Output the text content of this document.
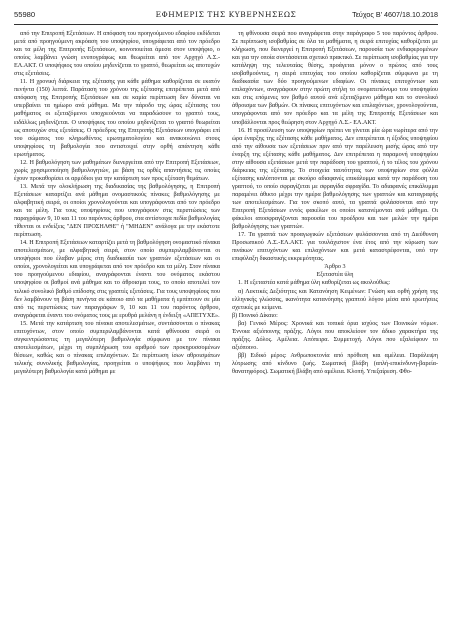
55980	ΕΦΗΜΕΡΙΣ ΤΗΣ ΚΥΒΕΡΝΗΣΕΩΣ	Τεύχος Β' 4607/18.10.2018

από την Επιτροπή Εξετάσεων. Η απόφαση του προηγούμενου εδαφίου εκδίδεται μετά από προηγούμενη ακρόαση του υποψηφίου, υπογράφεται από τον πρόεδρο και τα μέλη της Επιτροπής Εξετάσεων, κοινοποιείται άμεσα στον υποψήφιο, ο οποίος λαμβάνει γνώση ενυπογράφως και θεωρείται από τον Αρχηγό Λ.Σ.-ΕΛ.ΑΚΤ. Ο υποψήφιος του οποίου μηδενίζεται το γραπτό, θεωρείται ως αποτυχών στις εξετάσεις.

11. Η χρονική διάρκεια της εξέτασης για κάθε μάθημα καθορίζεται σε εκατόν πενήντα (150) λεπτά. Παράταση του χρόνου της εξέτασης επιτρέπεται μετά από απόφαση της Επιτροπής Εξετάσεων και σε καμία περίπτωση δεν δύναται να υπερβαίνει τα ημίωρο ανά μάθημα. Με την πάροδο της ώρας εξέτασης του μαθήματος οι εξεταζόμενοι υποχρεούνται να παραδώσουν το γραπτό τους, ειδάλλως μηδενίζεται. Ο υποψήφιος του οποίου μηδενίζεται το γραπτό θεωρείται ως αποτυχών στις εξετάσεις. Ο πρόεδρος της Επιτροπής Εξετάσεων υπογράφει επί του σώματος του κληρωθέντος ερωτηματολογίου και ανακοινώνει στους υποψηφίους τη βαθμολογία που αντιστοιχεί στην ορθή απάντηση κάθε ερωτήματος.

12. Η βαθμολόγηση των μαθημάτων διενεργείται από την Επιτροπή Εξετάσεων, χωρίς χρησιμοποίηση βαθμολογητών, με βάση τις ορθές απαντήσεις τις οποίες έχουν προκαθορίσει οι αρμόδιοι για την κατάρτιση των προς εξέταση θεμάτων.

13. Μετά την ολοκλήρωση της διαδικασίας της βαθμολόγησης, η Επιτροπή Εξετάσεων καταρτίζει ανά μάθημα ονομαστικούς πίνακες βαθμολόγησης με αλφαβητική σειρά, οι οποίοι χρονολογούνται και υπογράφονται από τον πρόεδρο και τα μέλη. Για τους υποψηφίους που υπογράφουν στις περιπτώσεις των παραγράφων 9, 10 και 11 του παρόντος άρθρου, στα αντίστοιχα πεδία βαθμολογίας τίθενται οι ενδείξεις "ΔΕΝ ΠΡΟΣΗΛΘΕ" ή "ΜΗΔΕΝ" ανάλογα με την εκάστοτε περίπτωση.

14. Η Επιτροπή Εξετάσεων καταρτίζει μετά τη βαθμολόγηση ονομαστικό πίνακα αποτελεσμάτων, με αλφαβητική σειρά, στον οποίο συμπεριλαμβάνονται οι υποψήφιοι που έλαβαν μέρος στη διαδικασία των γραπτών εξετάσεων και οι οποίοι, χρονολογείται και υπογράφεται από τον πρόεδρο και τα μέλη. Στον πίνακα του προηγούμενου εδαφίου, αναγράφονται έναντι του ονόματος εκάστου υποψηφίου οι βαθμοί ανά μάθημα και το άθροισμα τους, το οποίο αποτελεί τον τελικό συνολικό βαθμό επίδοσης στις γραπτές εξετάσεις. Για τους υποψηφίους που δεν λαμβάνουν τη βάση πενήντα σε κάποιο από τα μαθήματα ή εμπίπτουν σε μία από τις περιπτώσεις των παραγράφων 9, 10 και 11 του παρόντος άρθρου, αναγράφεται έναντι του ονόματος τους με ερυθρά μελάνη η ένδειξη «ΑΠΕΤΥΧΕ».

15. Μετά την κατάρτιση του πίνακα αποτελεσμάτων, συντάσσονται ο πίνακας επιτυχόντων, στον οποίο συμπεριλαμβάνονται κατά φθίνουσα σειρά οι συγκεντρώσαντες τη μεγαλύτερη βαθμολογία σύμφωνα με τον πίνακα αποτελεσμάτων, μέχρι τη συμπλήρωση του αριθμού των προκηρυσσομένων θέσεων, καθώς και ο πίνακας επιλαχόντων. Σε περίπτωση ίσων αθροισμάτων τελικής συνολικής βαθμολογίας, προηγείται ο υποψήφιος που λαμβάνει τη μεγαλύτερη βαθμολογία κατά μάθημα με

τη φθίνουσα σειρά που αναγράφεται στην παράγραφο 5 του παρόντος άρθρου. Σε περίπτωση ισοβαθμίας σε όλα τα μαθήματα, η σειρά επιτυχίας καθορίζεται με κλήρωση, που διενεργεί η Επιτροπή Εξετάσεων, παρουσία των ενδιαφερομένων και για την οποία συντάσσεται σχετικό πρακτικό. Σε περίπτωση ισοβαθμίας για την κατάληψη της τελευταίας θέσης, προάγεται μόνον ο πρώτος από τους ισοβαθμούντες, η σειρά επιτυχίας του οποίου καθορίζεται σύμφωνα με τη διαδικασία των δύο προηγούμενων εδαφίων. Οι πίνακες επιτυχόντων και επιλαχόντων, αναγράφουν στην πρώτη στήλη το ονοματεπώνυμο του υποψηφίου και στις επόμενες τον βαθμό αυτού ανά εξεταζόμενο μάθημα και το συνολικό άθροισμα των βαθμών. Οι πίνακες επιτυχόντων και επιλαχόντων, χρονολογούνται, υπογράφονται από τον πρόεδρο και τα μέλη της Επιτροπής Εξετάσεων και υποβάλλονται προς θεώρηση στον Αρχηγό Λ.Σ.- ΕΛ.ΑΚΤ.

16. Η προσέλευση των υποψηφίων πρέπει να γίνεται μία ώρα νωρίτερα από την ώρα έναρξης της εξέτασης κάθε μαθήματος. Δεν επιτρέπεται η έξοδος υποψηφίου από την αίθουσα των εξετάσεων πριν από την παρέλευση μισής ώρας από την έναρξη της εξέτασης κάθε μαθήματος. Δεν επιτρέπεται η παραμονή υποψηφίου στην αίθουσα εξετάσεων μετά την παράδοση του γραπτού, ή το τέλος του χρόνου διάρκειας της εξέτασης. Το στοιχεία ταυτότητας των υποψηφίων στα φύλλα εξέτασης καλύπτονται με σκούρο αδιαφανές επικάλυμμα κατά την παράδοση του γραπτού, το οποίο σφραγίζεται με σφραγίδα σφραγίδα. Το αδιαφανές επικάλυμμα παραμένει άθικτο μέχρι την ημέρα βαθμολόγησης των γραπτών και καταγραφής των αποτελεσμάτων. Για τον σκοπό αυτό, τα γραπτά φυλάσσονται από την Επιτροπή Εξετάσεων εντός φακέλων οι οποίοι κατανέμονται ανά μάθημα. Οι φάκελοι αποσφραγίζονται παρουσία του προέδρου και των μελών την ημέρα βαθμολόγησης των γραπτών.

17. Τα γραπτά των προαγωγικών εξετάσεων φυλάσσονται από τη Διεύθυνση Προσωπικού Λ.Σ.-ΕΛ.ΑΚΤ. για τουλάχιστον ένα έτος από την κύρωση των πινάκων επιτυχόντων και επιλαχόντων και μετά καταστρέφονται, υπό την επιφύλαξη δικαστικής εκκρεμότητας.

Άρθρο 3

Εξεταστέα ύλη

1. Η εξεταστέα κατά μάθημα ύλη καθορίζεται ως ακολούθως:

α) Λεκτικές Δεξιότητες και Κατανόηση Κειμένων: Γνώση και ορθή χρήση της ελληνικής γλώσσας, ικανότητα κατανόησης γραπτού λόγου μέσα από ερωτήσεις σχετικές με κείμενα.

β) Ποινικό Δίκαιο:

βα) Γενικό Μέρος: Χρονικά και τοπικά όρια ισχύος των Ποινικών νόμων. Έννοια αξιόποινης πράξης. Λόγοι που αποκλείουν τον άδικο χαρακτήρα της πράξης. Δόλος. Αμέλεια. Απόπειρα. Συμμετοχή. Λόγοι που εξαλείφουν το αξιόποινο.

ββ) Ειδικό μέρος: Ανθρωποκτονία από πρόθεση και αμέλεια. Παράλειψη λύτρωσης από κίνδυνο ζωής. Σωματική βλάβη (απλή-επικίνδυνη-βαρεία-θανατηφόρος). Σωματική βλάβη από αμέλεια. Κλοπή. Υπεξαίρεση. Φθο-
